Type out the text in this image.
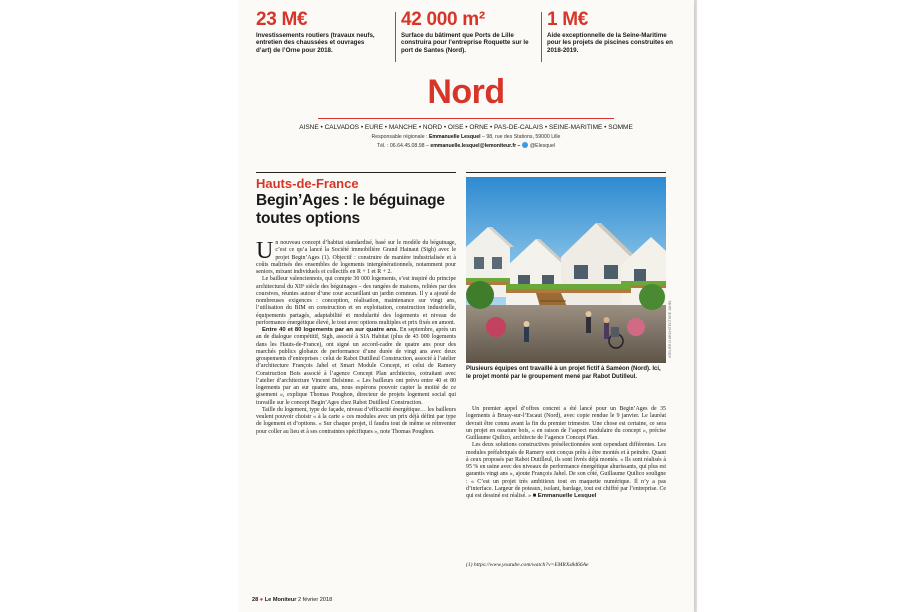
23 M€
Investissements routiers (travaux neufs, entretien des chaussées et ouvrages d’art) de l’Orne pour 2018.
42 000 m²
Surface du bâtiment que Ports de Lille construira pour l’entreprise Roquette sur le port de Santes (Nord).
1 M€
Aide exceptionnelle de la Seine-Maritime pour les projets de piscines construites en 2018-2019.
Nord
AISNE • CALVADOS • EURE • MANCHE • NORD • OISE • ORNE • PAS-DE-CALAIS • SEINE-MARITIME • SOMME
Responsable régionale : Emmanuelle Lesquel – 98, rue des Stations, 59000 Lille
Tél. : 06.64.45.08.98 – emmanuelle.lesquel@lemoniteur.fr – @Elesquel
Hauts-de-France
Begin’Ages : le béguinage toutes options

Un nouveau concept d’habitat standardisé, basé sur le modèle du béguinage, c’est ce qu’a lancé la Société immobilière Grand Hainaut (Sigh) avec le projet Begin’Ages (1). Objectif : construire de manière industrialisée et à coûts maîtrisés des ensembles de logements intergénérationnels, notamment pour seniors, mixant individuels et collectifs en R + 1 et R + 2.

Le bailleur valenciennois, qui compte 30 000 logements, s’est inspiré du principe architectural du XIIᵉ siècle des béguinages – des rangées de maisons, reliées par des coursives, réunies autour d’une cour accueillant un jardin commun. Il y a ajouté de nombreuses exigences : conception, réalisation, maintenance sur vingt ans, l’utilisation du BIM en construction et en exploitation, construction industrielle, équipements partagés, adaptabilité et modularité des logements et niveau de performance énergétique élevé, le tout avec options multiples et prix fixés en amont.

Entre 40 et 80 logements par an sur quatre ans. En septembre, après un an de dialogue compétitif, Sigh, associé à SIA Habitat (plus de 43 000 logements dans les Hauts-de-France), ont signé un accord-cadre de quatre ans pour des marchés publics globaux de performance d’une durée de vingt ans avec deux groupements d’entreprises : celui de Rabot Dutilleul Construction, associé à l’atelier d’architecture François Jahel et Smart Module Concept, et celui de Ramery Construction Bois associé à l’agence Concept Plan architectes, cotraitant avec l’atelier d’architecture Vincent Delsinne. « Les bailleurs ont prévu entre 40 et 80 logements par an sur quatre ans, nous espérons pouvoir capter la moitié de ce gisement », explique Thomas Poughon, directeur de projets logement social qui travaille sur le concept Begin’Ages chez Rabot Dutilleul Construction.

Taille du logement, type de façade, niveau d’efficacité énergétique… les bailleurs veulent pouvoir choisir « à la carte » ces modules avec un prix déjà défini par type de logement et d’options. « Sur chaque projet, il faudra tout de même se réinventer pour coller au lieu et à ses contraintes spécifiques », note Thomas Poughon.

ATELIER D’ARCHITECTURE JAHEL
Plusieurs équipes ont travaillé à un projet fictif à Saméon (Nord). Ici, le projet monté par le groupement mené par Rabot Dutilleul.

Un premier appel d’offres concret a été lancé pour un Begin’Ages de 35 logements à Bruay-sur-l’Escaut (Nord), avec copie rendue le 9 janvier. Le lauréat devrait être connu avant la fin du premier trimestre. Une chose est certaine, ce sera un projet en ossature bois, « en raison de l’aspect modulaire du concept », précise Guillaume Quilico, architecte de l’agence Concept Plan.

Les deux solutions constructives présélectionnées sont cependant différentes. Les modules préfabriqués de Ramery sont conçus prêts à être montés et à peindre. Quant à ceux proposés par Rabot Dutilleul, ils sont livrés déjà montés. « Ils sont réalisés à 95 % en usine avec des niveaux de performance énergétique ahurissants, qui plus est garantis vingt ans », ajoute François Jahel. De son côté, Guillaume Quilico souligne : « C’est un projet très ambitieux tout en maquette numérique. Il n’y a pas d’interface. Largeur de poteaux, isolant, bardage, tout est chiffré par l’entreprise. Ce qui est dessiné est réalisé. » ■ Emmanuelle Lesquel

(1) https://www.youtube.com/watch?v=EMRXs8d66Ae
28 ● Le Moniteur 2 février 2018
